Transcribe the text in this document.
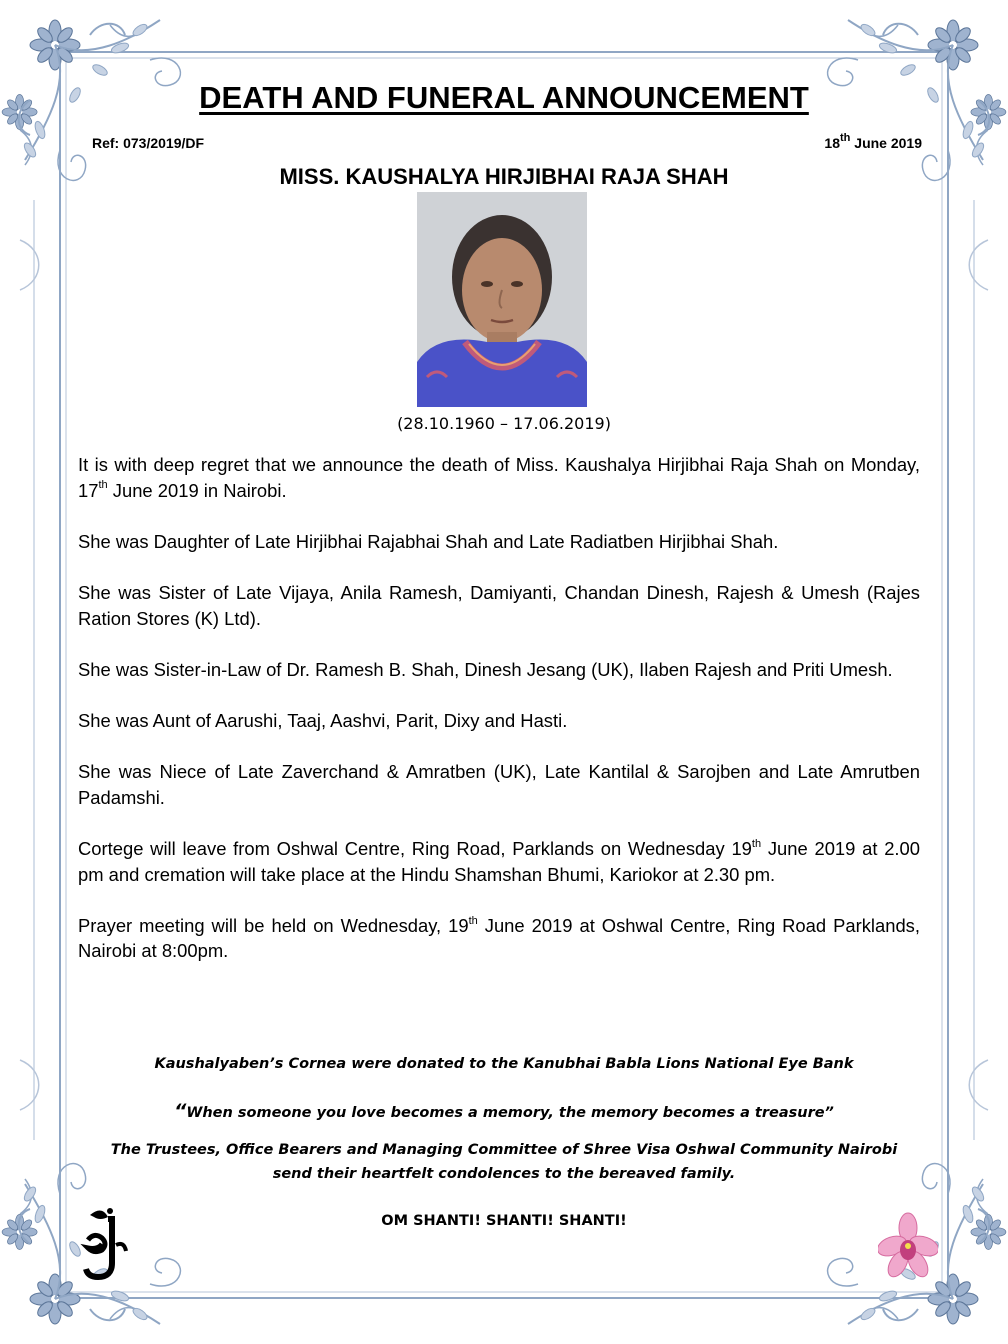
DEATH AND FUNERAL ANNOUNCEMENT
Ref: 073/2019/DF	18th June 2019
MISS. KAUSHALYA HIRJIBHAI RAJA SHAH
(28.10.1960 – 17.06.2019)

It is with deep regret that we announce the death of Miss. Kaushalya Hirjibhai Raja Shah on Monday, 17th June 2019 in Nairobi.

She was Daughter of Late Hirjibhai Rajabhai Shah and Late Radiatben Hirjibhai Shah.

She was Sister of Late Vijaya, Anila Ramesh, Damiyanti, Chandan Dinesh, Rajesh & Umesh (Rajes Ration Stores (K) Ltd).

She was Sister-in-Law of Dr. Ramesh B. Shah, Dinesh Jesang (UK), Ilaben Rajesh and Priti Umesh.

She was Aunt of Aarushi, Taaj, Aashvi, Parit, Dixy and Hasti.

She was Niece of Late Zaverchand & Amratben (UK), Late Kantilal & Sarojben and Late Amrutben Padamshi.

Cortege will leave from Oshwal Centre, Ring Road, Parklands on Wednesday 19th June 2019 at 2.00 pm and cremation will take place at the Hindu Shamshan Bhumi, Kariokor at 2.30 pm.

Prayer meeting will be held on Wednesday, 19th June 2019 at Oshwal Centre, Ring Road Parklands, Nairobi at 8:00pm.

Kaushalyaben’s Cornea were donated to the Kanubhai Babla Lions National Eye Bank
“When someone you love becomes a memory, the memory becomes a treasure”
The Trustees, Office Bearers and Managing Committee of Shree Visa Oshwal Community Nairobi
send their heartfelt condolences to the bereaved family.
OM SHANTI! SHANTI! SHANTI!
